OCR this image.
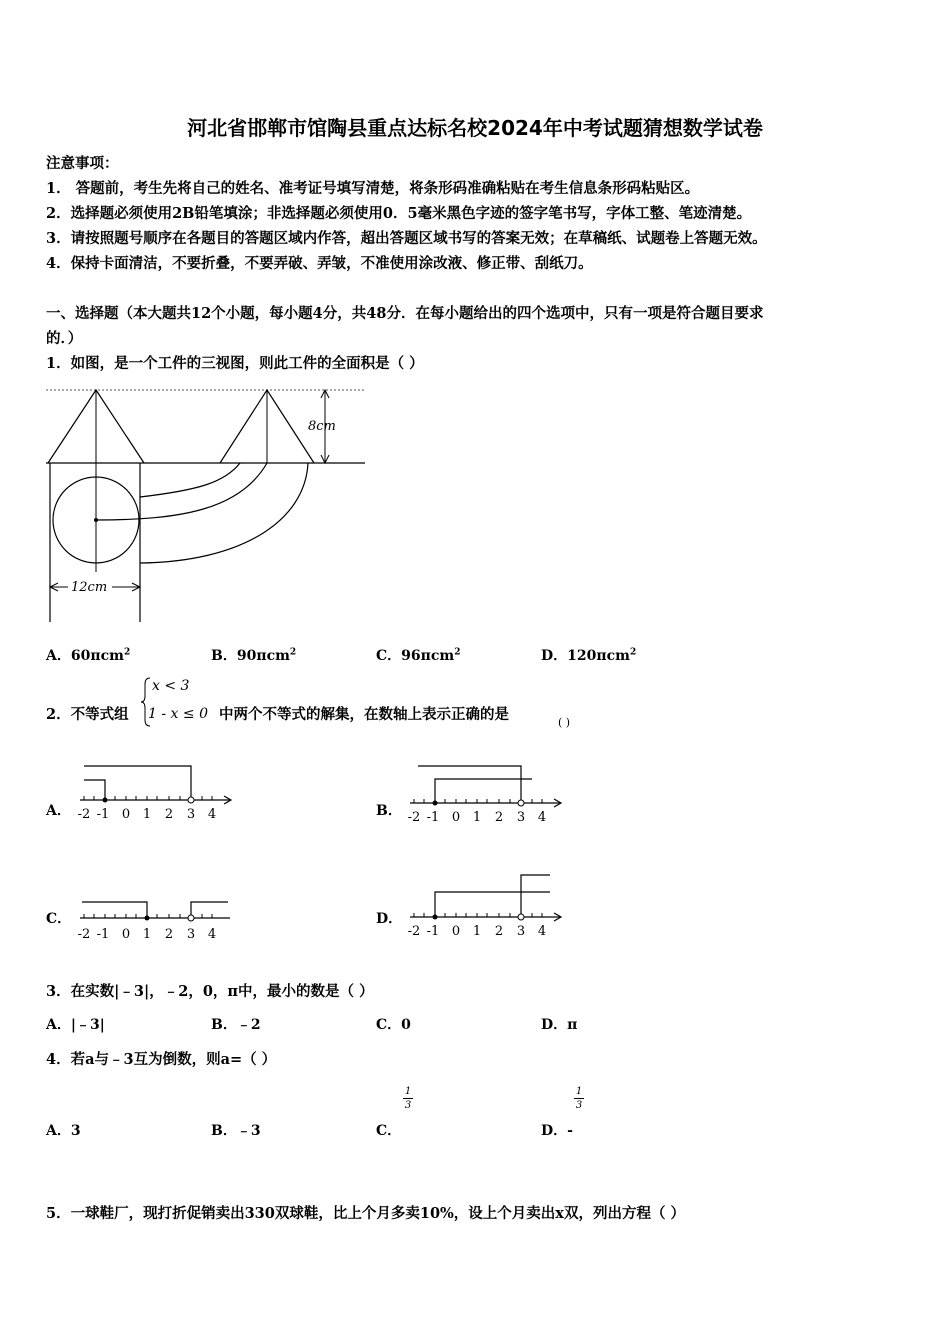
河北省邯郸市馆陶县重点达标名校2024年中考试题猜想数学试卷
注意事项：
1． 答题前，考生先将自己的姓名、准考证号填写清楚，将条形码准确粘贴在考生信息条形码粘贴区。
2．选择题必须使用2B铅笔填涂；非选择题必须使用0．5毫米黑色字迹的签字笔书写，字体工整、笔迹清楚。
3．请按照题号顺序在各题目的答题区域内作答，超出答题区域书写的答案无效；在草稿纸、试题卷上答题无效。
4．保持卡面清洁，不要折叠，不要弄破、弄皱，不准使用涂改液、修正带、刮纸刀。
一、选择题（本大题共12个小题，每小题4分，共48分．在每小题给出的四个选项中，只有一项是符合题目要求
的．）
1．如图，是一个工件的三视图，则此工件的全面积是（ ）
8cm
12cm
A．60πcm$^2$	B．90πcm$^2$	C．96πcm$^2$	D．120πcm$^2$
2．不等式组
x < 3
1 - x ≤ 0 中两个不等式的解集，在数轴上表示正确的是	( )
A．	B．
C．	D．
-2 -1 0 1 2 3 4	-2 -1 0 1 2 3 4
-2 -1 0 1 2 3 4	-2 -1 0 1 2 3 4
3．在实数|﹣3|，﹣2，0，π中，最小的数是（ ）
A．|﹣3|	B．﹣2	C．0	D．π
4．若a与﹣3互为倒数，则a=（ ）
A．3	B．﹣3	C．
1
3
D．-
1
3
5．一球鞋厂，现打折促销卖出330双球鞋，比上个月多卖10%，设上个月卖出x双，列出方程（ ）
